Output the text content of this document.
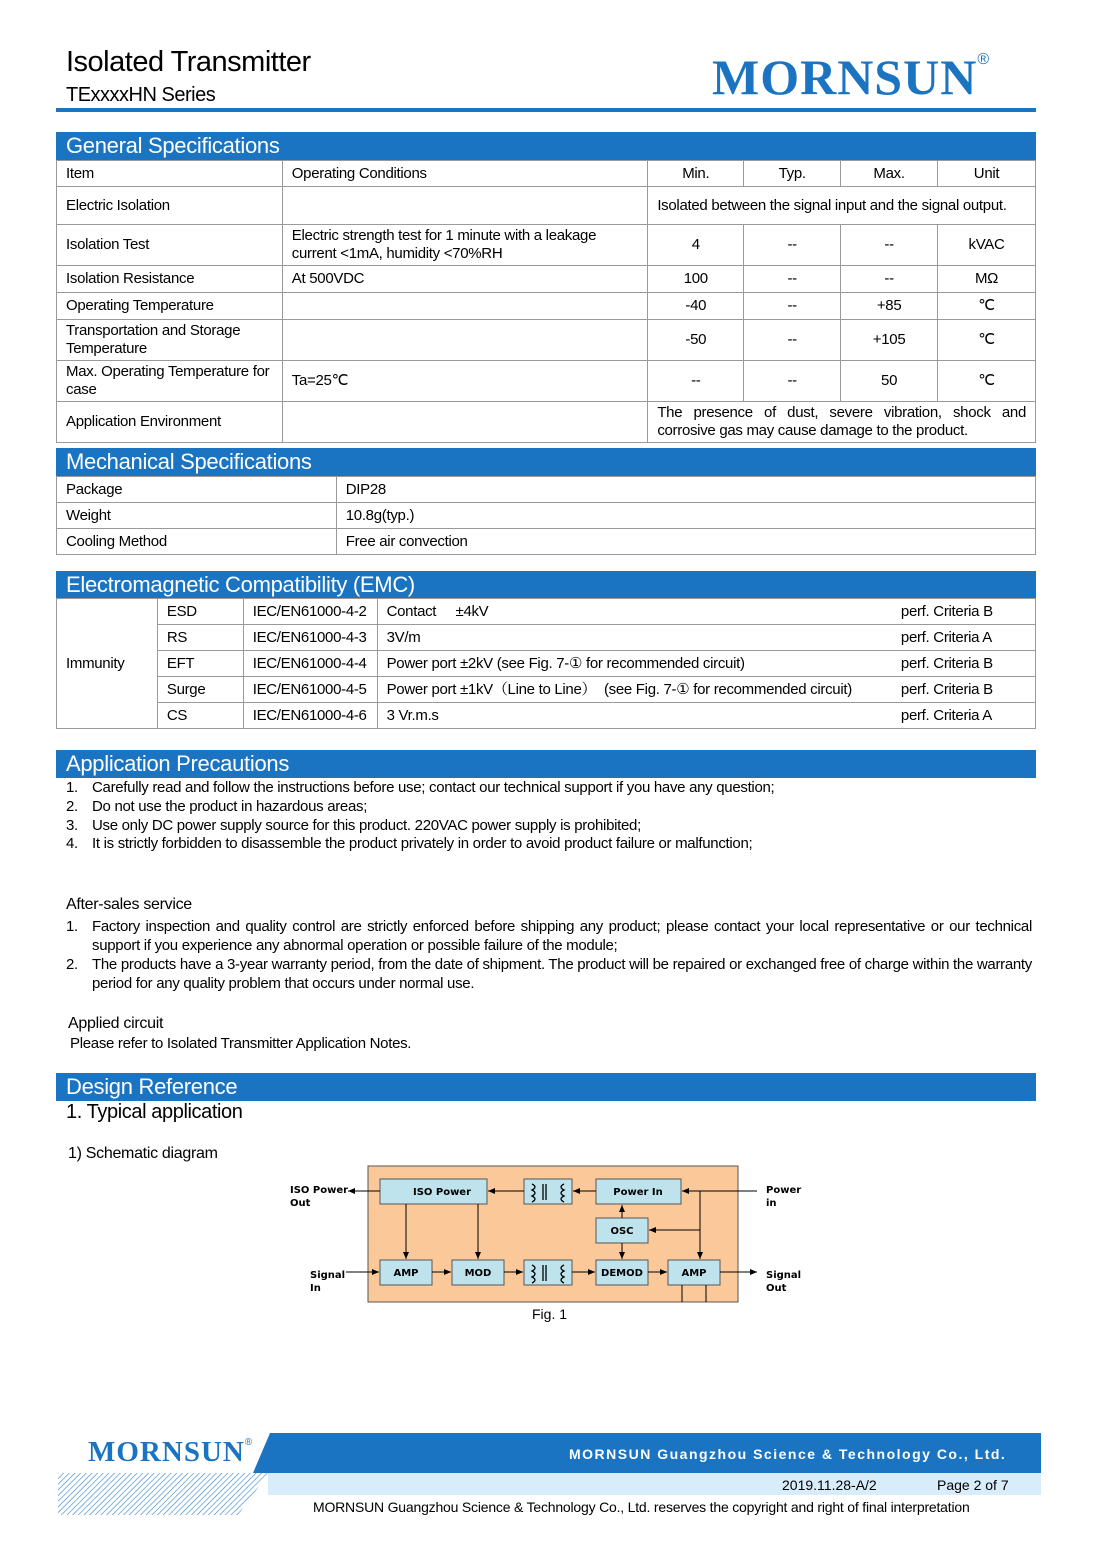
Isolated Transmitter
TExxxxHN Series	MORNSUN®
General Specifications
Item	Operating Conditions	Min.	Typ.	Max.	Unit
Electric Isolation		Isolated between the signal input and the signal output.			
Isolation Test	Electric strength test for 1 minute with a leakage current <1mA, humidity <70%RH	4	--	--	kVAC
Isolation Resistance	At 500VDC	100	--	--	MΩ
Operating Temperature		-40	--	+85	℃
Transportation and Storage Temperature		-50	--	+105	℃
Max. Operating Temperature for case	Ta=25℃	--	--	50	℃
Application Environment		The presence of dust, severe vibration, shock and corrosive gas may cause damage to the product.			
Mechanical Specifications
Package	DIP28
Weight	10.8g(typ.)
Cooling Method	Free air convection
Electromagnetic Compatibility (EMC)
Immunity	ESD	IEC/EN61000-4-2	Contact     ±4kV	perf. Criteria B
	RS	IEC/EN61000-4-3	3V/m	perf. Criteria A
	EFT	IEC/EN61000-4-4	Power port ±2kV (see Fig. 7-① for recommended circuit)	perf. Criteria B
	Surge	IEC/EN61000-4-5	Power port ±1kV（Line to Line）  (see Fig. 7-① for recommended circuit)	perf. Criteria B
	CS	IEC/EN61000-4-6	3 Vr.m.s	perf. Criteria A
Application Precautions
1. Carefully read and follow the instructions before use; contact our technical support if you have any question;
2. Do not use the product in hazardous areas;
3. Use only DC power supply source for this product. 220VAC power supply is prohibited;
4. It is strictly forbidden to disassemble the product privately in order to avoid product failure or malfunction;
After-sales service
1. Factory inspection and quality control are strictly enforced before shipping any product; please contact your local representative or our technical support if you experience any abnormal operation or possible failure of the module;
2. The products have a 3-year warranty period, from the date of shipment. The product will be repaired or exchanged free of charge within the warranty period for any quality problem that occurs under normal use.
Applied circuit
Please refer to Isolated Transmitter Application Notes.
Design Reference
1. Typical application
1) Schematic diagram
ISO Power	Power In
OSC
AMP	MOD	DEMOD	AMP
ISO Power
Out
Power
in
Signal
In
Signal
Out
Fig. 1
MORNSUN®
MORNSUN Guangzhou Science & Technology Co., Ltd.
2019.11.28-A/2	Page 2 of 7
MORNSUN Guangzhou Science & Technology Co., Ltd. reserves the copyright and right of final interpretation
